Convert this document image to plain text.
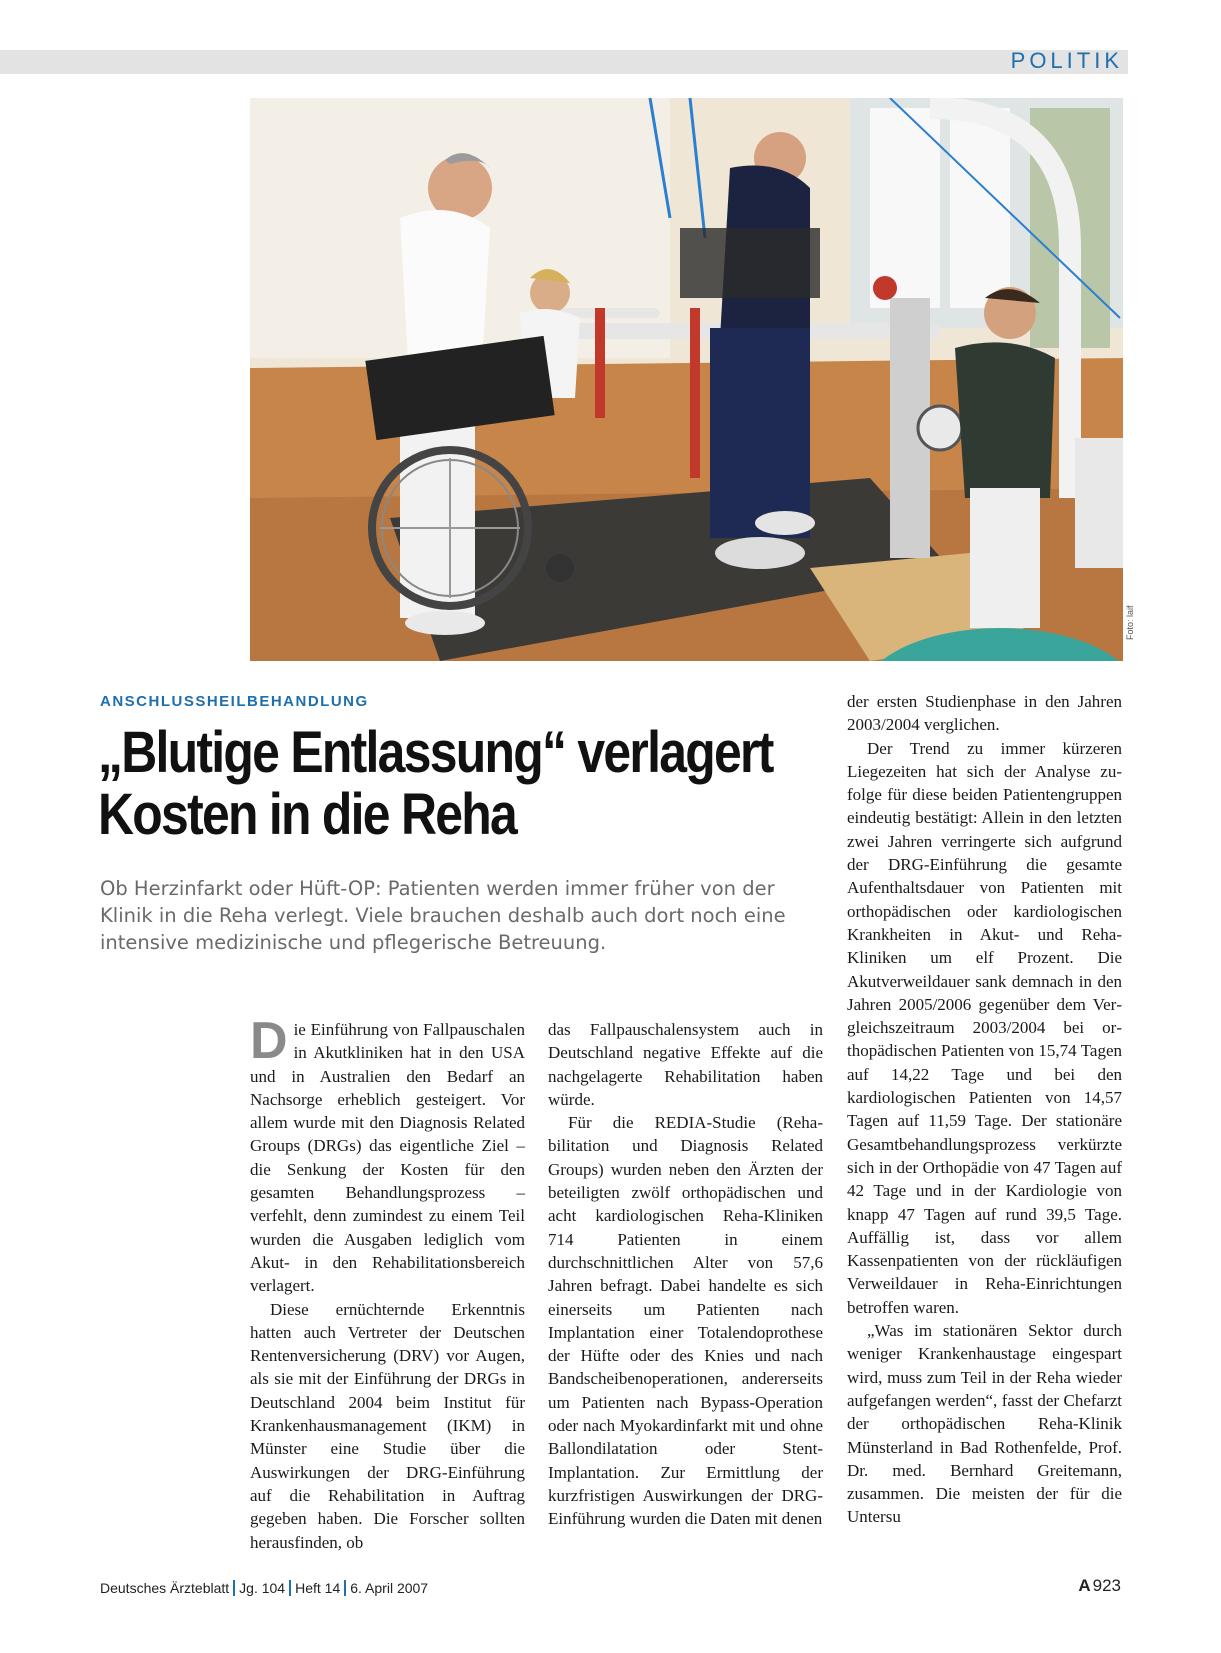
POLITIK
Foto: laif
ANSCHLUSSHEILBEHANDLUNG
„Blutige Entlassung“ verlagert
Kosten in die Reha
Ob Herzinfarkt oder Hüft-OP: Patienten werden immer früher von der Klinik in die Reha verlegt. Viele brauchen deshalb auch dort noch eine intensive medizinische und pflegerische Betreuung.

Die Einführung von Fallpauschalen in Akutkliniken hat in den USA und in Australien den Bedarf an Nachsorge erheblich gesteigert. Vor allem wurde mit den Diagnosis Related Groups (DRGs) das eigentliche Ziel – die Senkung der Kosten für den gesamten Behandlungsprozess – verfehlt, denn zumindest zu einem Teil wurden die Ausgaben lediglich vom Akut- in den Rehabilitationsbereich verlagert.

Diese ernüchternde Erkenntnis hatten auch Vertreter der Deutschen Rentenversicherung (DRV) vor Augen, als sie mit der Einführung der DRGs in Deutschland 2004 beim Institut für Krankenhausmanagement (IKM) in Münster eine Studie über die Auswirkungen der DRG-Einführung auf die Rehabilitation in Auftrag gegeben haben. Die Forscher sollten herausfinden, ob

das Fallpauschalensystem auch in Deutschland negative Effekte auf die nachgelagerte Rehabilitation haben würde.

Für die REDIA-Studie (Rehabilitation und Diagnosis Related Groups) wurden neben den Ärzten der beteiligten zwölf orthopädischen und acht kardiologischen Reha-Kliniken 714 Patienten in einem durchschnittlichen Alter von 57,6 Jahren befragt. Dabei handelte es sich einerseits um Patienten nach Implantation einer Totalendoprothese der Hüfte oder des Knies und nach Bandscheibenoperationen, andererseits um Patienten nach Bypass-Operation oder nach Myokardinfarkt mit und ohne Ballondilatation oder Stent-Implantation. Zur Ermittlung der kurzfristigen Auswirkungen der DRG-Einführung wurden die Daten mit denen

der ersten Studienphase in den Jahren 2003/2004 verglichen.

Der Trend zu immer kürzeren Liegezeiten hat sich der Analyse zufolge für diese beiden Patientengruppen eindeutig bestätigt: Allein in den letzten zwei Jahren verringerte sich aufgrund der DRG-Einführung die gesamte Aufenthaltsdauer von Patienten mit orthopädischen oder kardiologischen Krankheiten in Akut- und Reha-Kliniken um elf Prozent. Die Akutverweildauer sank demnach in den Jahren 2005/2006 gegenüber dem Vergleichszeitraum 2003/2004 bei orthopädischen Patienten von 15,74 Tagen auf 14,22 Tage und bei den kardiologischen Patienten von 14,57 Tagen auf 11,59 Tage. Der stationäre Gesamtbehandlungsprozess verkürzte sich in der Orthopädie von 47 Tagen auf 42 Tage und in der Kardiologie von knapp 47 Tagen auf rund 39,5 Tage. Auffällig ist, dass vor allem Kassenpatienten von der rückläufigen Verweildauer in Reha-Einrichtungen betroffen waren.

„Was im stationären Sektor durch weniger Krankenhaustage eingespart wird, muss zum Teil in der Reha wieder aufgefangen werden“, fasst der Chefarzt der orthopädischen Reha-Klinik Münsterland in Bad Rothenfelde, Prof. Dr. med. Bernhard Greitemann, zusammen. Die meisten der für die Untersu

Deutsches Ärzteblatt Jg. 104 Heft 14 6. April 2007	A 923
